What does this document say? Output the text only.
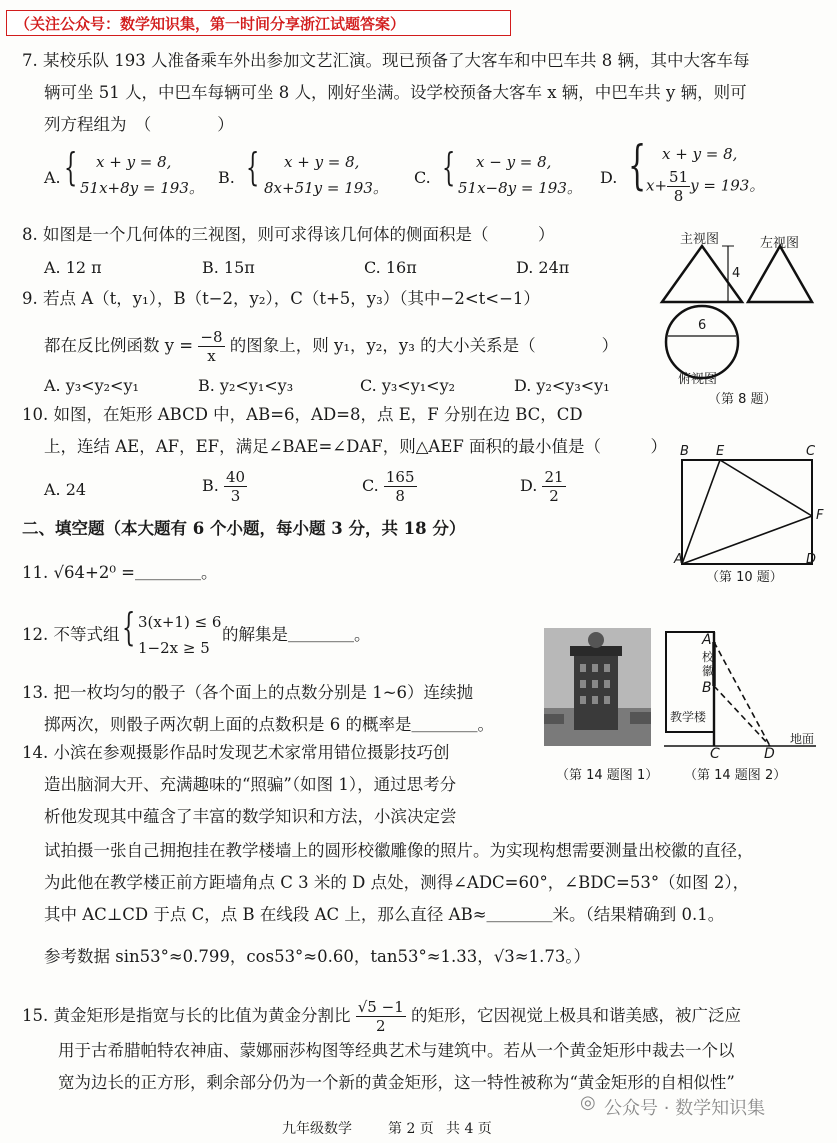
（关注公众号：数学知识集，第一时间分享浙江试题答案）
7. 某校乐队 193 人准备乘车外出参加文艺汇演。现已预备了大客车和中巴车共 8 辆，其中大客车每
辆可坐 51 人，中巴车每辆可坐 8 人，刚好坐满。设学校预备大客车 x 辆，中巴车共 y 辆，则可
列方程组为　（　　　　）
A. { x + y = 8,
51x+8y = 193。
B. { x + y = 8,
8x+51y = 193。
C. { x − y = 8,
51x−8y = 193。
D. { x + y = 8,
$x+ \frac{51}{8}$ y = 193。
8. 如图是一个几何体的三视图，则可求得该几何体的侧面积是（　　　）
A. 12 π	B. 15π	C. 16π	D. 24π
主视图	左视图
4
6
俯视图
（第 8 题）
9. 若点 A（t，y₁），B（t−2，y₂），C（t+5，y₃）（其中−2<t<−1）
都在反比例函数 $y = \frac{-8}{x}$ 的图象上，则 y₁，y₂，y₃ 的大小关系是（　　　　）
A. y₃<y₂<y₁	B. y₂<y₁<y₃	C. y₃<y₁<y₂	D. y₂<y₃<y₁
10. 如图，在矩形 ABCD 中，AB=6，AD=8，点 E，F 分别在边 BC，CD
上，连结 AE，AF，EF，满足∠BAE=∠DAF，则△AEF 面积的最小值是（　　　）
A. 24	B. $\frac{40}{3}$	C. $\frac{165}{8}$	D. $\frac{21}{2}$
B E	C
F
A	D
（第 10 题）
二、填空题（本大题有 6 个小题，每小题 3 分，共 18 分）
11. √64+2⁰ =＿＿＿＿。
12. 不等式组 { 3(x+1) ≤ 6
1−2x ≥ 5
的解集是＿＿＿＿。
13. 把一枚均匀的骰子（各个面上的点数分别是 1~6）连续抛
掷两次，则骰子两次朝上面的点数积是 6 的概率是＿＿＿＿。
14. 小滨在参观摄影作品时发现艺术家常用错位摄影技巧创
造出脑洞大开、充满趣味的“照骗”（如图 1），通过思考分
析他发现其中蕴含了丰富的数学知识和方法，小滨决定尝
试拍摄一张自己拥抱挂在教学楼墙上的圆形校徽雕像的照片。为实现构想需要测量出校徽的直径，
为此他在教学楼正前方距墙角点 C 3 米的 D 点处，测得∠ADC=60°，∠BDC=53°（如图 2），
其中 AC⊥CD 于点 C，点 B 在线段 AC 上，那么直径 AB≈＿＿＿＿米。（结果精确到 0.1。
参考数据 sin53°≈0.799，cos53°≈0.60，tan53°≈1.33，√3≈1.73。）
（第 14 题图 1）
A
校徽
B
教学楼
C	D
地面
（第 14 题图 2）
15. 黄金矩形是指宽与长的比值为黄金分割比 $\frac{√5 -1}{2}$ 的矩形，它因视觉上极具和谐美感，被广泛应
用于古希腊帕特农神庙、蒙娜丽莎构图等经典艺术与建筑中。若从一个黄金矩形中裁去一个以
宽为边长的正方形，剩余部分仍为一个新的黄金矩形，这一特性被称为“黄金矩形的自相似性”
九年级数学	第 2 页 共 4 页
◎ 公众号 · 数学知识集
